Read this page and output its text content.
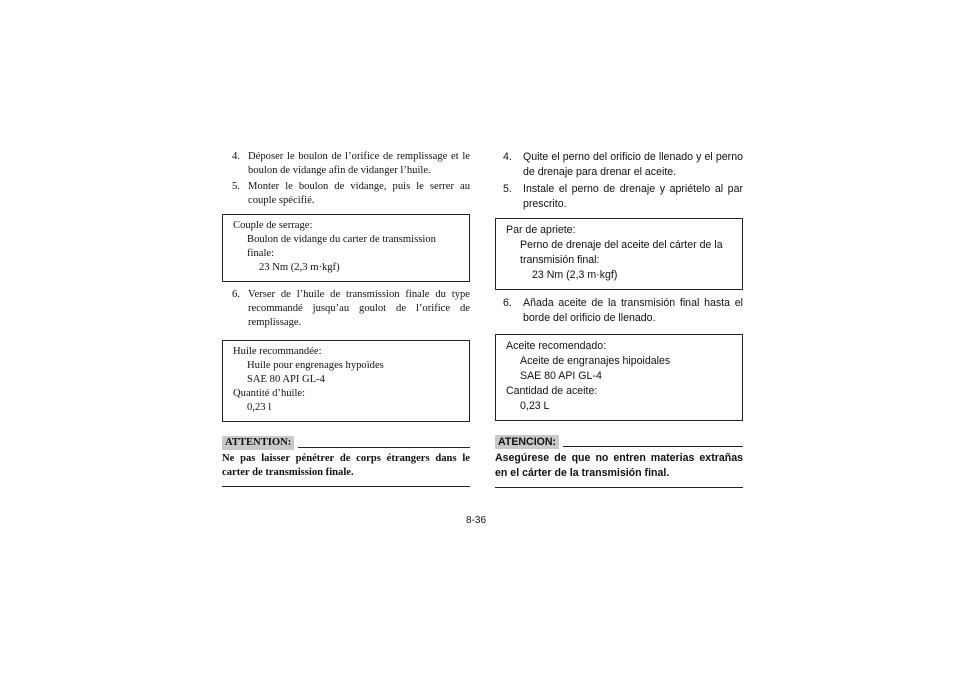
4. Déposer le boulon de l’orifice de remplissage et le boulon de vidange afin de vidanger l’huile.
5. Monter le boulon de vidange, puis le serrer au couple spécifié.

Couple de serrage:

Boulon de vidange du carter de transmission finale:

23 Nm (2,3 m·kgf)

6. Verser de l’huile de transmission finale du type recommandé jusqu’au goulot de l’orifice de remplissage.

Huile recommandée:

Huile pour engrenages hypoïdes

SAE 80 API GL-4

Quantité d’huile:

0,23 l

ATTENTION:
Ne pas laisser pénétrer de corps étrangers dans le carter de transmission finale.
4.	Quite el perno del orificio de llenado y el perno de drenaje para drenar el aceite.
5.	Instale el perno de drenaje y apriételo al par prescrito.

Par de apriete:

Perno de drenaje del aceite del cárter de la transmisión final:

23 Nm (2,3 m·kgf)

6.	Añada aceite de la transmisión final hasta el borde del orificio de llenado.

Aceite recomendado:

Aceite de engranajes hipoidales

SAE 80 API GL-4

Cantidad de aceite:

0,23 L

ATENCION:
Asegúrese de que no entren materias extrañas en el cárter de la transmisión final.
8-36
